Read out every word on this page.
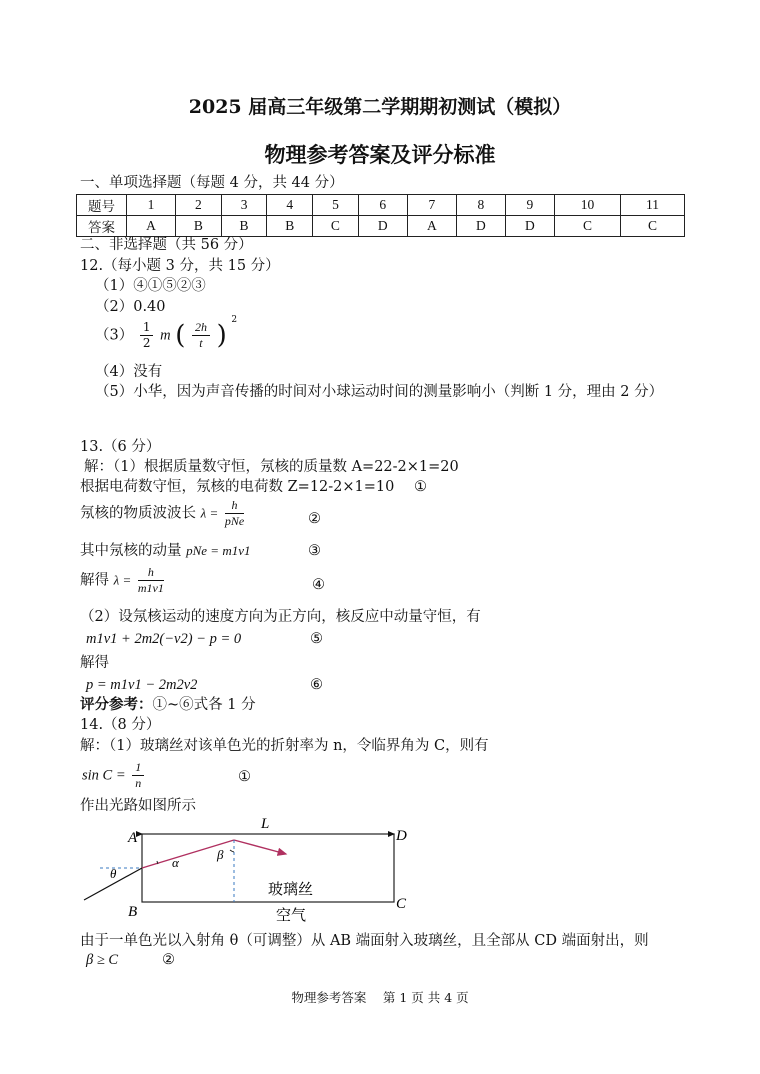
2025 届高三年级第二学期期初测试（模拟）
物理参考答案及评分标准
一、单项选择题（每题 4 分，共 44 分）
题号	1	2	3	4	5	6	7	8	9	10	11
答案	A	B	B	B	C	D	A	D	D	C	C
二、非选择题（共 56 分）
12.（每小题 3 分，共 15 分）
（1）④①⑤②③
（2）0.40
$(3) \frac{1}{2}$ m ( $\frac{2h}{t}$ ) $^2$
（4）没有
（5）小华，因为声音传播的时间对小球运动时间的测量影响小（判断 1 分，理由 2 分）
13.（6 分）
解：（1）根据质量数守恒，氖核的质量数 A=22-2×1=20
根据电荷数守恒，氖核的电荷数 Z=12-2×1=10 ①
氖核的物质波波长 $\lambda = \frac{h}{\text{pNe}}$	②
其中氖核的动量 pNe = m1v1	③
解得 $\lambda = \frac{h}{m1v1}$	④
（2）设氖核运动的速度方向为正方向，核反应中动量守恒，有
m1v1 + 2m2(−v2) − p = 0	⑤
解得
p = m1v1 − 2m2v2	⑥
评分参考：①~⑥式各 1 分
14.（8 分）
解：（1）玻璃丝对该单色光的折射率为 n，令临界角为 C，则有
$\sin C = \frac{1}{n}$	①
作出光路如图所示
A
B	C
D
L
θ
α
β
玻璃丝
空气
由于一单色光以入射角 θ（可调整）从 AB 端面射入玻璃丝，且全部从 CD 端面射出，则
β ≥ C	②
物理参考答案　 第 1 页 共 4 页
